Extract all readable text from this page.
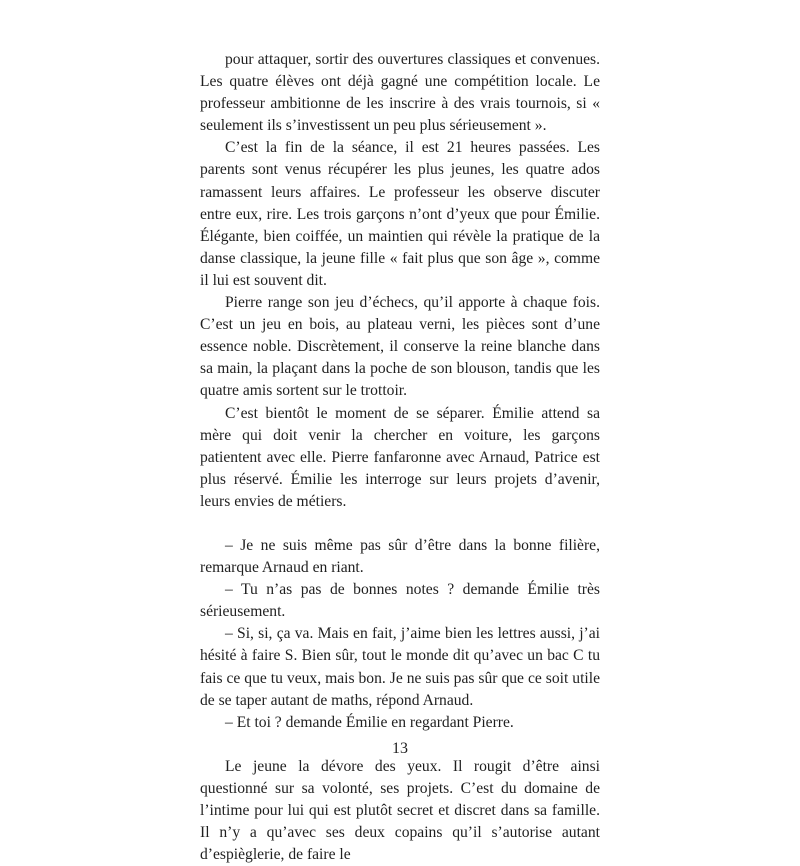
pour attaquer, sortir des ouvertures classiques et convenues. Les quatre élèves ont déjà gagné une compétition locale. Le professeur ambitionne de les inscrire à des vrais tournois, si « seulement ils s’investissent un peu plus sérieusement ».

C’est la fin de la séance, il est 21 heures passées. Les parents sont venus récupérer les plus jeunes, les quatre ados ramassent leurs affaires. Le professeur les observe discuter entre eux, rire. Les trois garçons n’ont d’yeux que pour Émilie. Élégante, bien coiffée, un maintien qui révèle la pratique de la danse classique, la jeune fille « fait plus que son âge », comme il lui est souvent dit.

Pierre range son jeu d’échecs, qu’il apporte à chaque fois. C’est un jeu en bois, au plateau verni, les pièces sont d’une essence noble. Discrètement, il conserve la reine blanche dans sa main, la plaçant dans la poche de son blouson, tandis que les quatre amis sortent sur le trottoir.

C’est bientôt le moment de se séparer. Émilie attend sa mère qui doit venir la chercher en voiture, les garçons patientent avec elle. Pierre fanfaronne avec Arnaud, Patrice est plus réservé. Émilie les interroge sur leurs projets d’avenir, leurs envies de métiers.

– Je ne suis même pas sûr d’être dans la bonne filière, remarque Arnaud en riant.

– Tu n’as pas de bonnes notes ? demande Émilie très sérieusement.

– Si, si, ça va. Mais en fait, j’aime bien les lettres aussi, j’ai hésité à faire S. Bien sûr, tout le monde dit qu’avec un bac C tu fais ce que tu veux, mais bon. Je ne suis pas sûr que ce soit utile de se taper autant de maths, répond Arnaud.

– Et toi ? demande Émilie en regardant Pierre.

Le jeune la dévore des yeux. Il rougit d’être ainsi questionné sur sa volonté, ses projets. C’est du domaine de l’intime pour lui qui est plutôt secret et discret dans sa famille. Il n’y a qu’avec ses deux copains qu’il s’autorise autant d’espièglerie, de faire le

13
